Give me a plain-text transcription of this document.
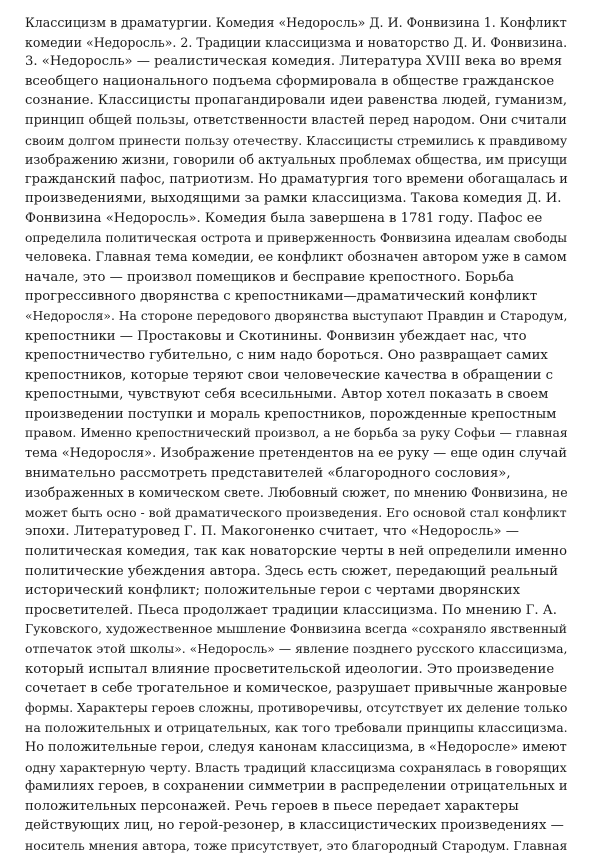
Классицизм в драматургии. Комедия «Недоросль» Д. И. Фонвизина 1. Конфликт
комедии «Недоросль». 2. Традиции классицизма и новаторство Д. И. Фонвизина.
3. «Недоросль» — реалистическая комедия. Литература XVIII века во время
всеобщего национального подъема сформировала в обществе гражданское
сознание. Классицисты пропагандировали идеи равенства людей, гуманизм,
принцип общей пользы, ответственности властей перед народом. Они считали
своим долгом принести пользу отечеству. Классицисты стремились к правдивому
изображению жизни, говорили об актуальных проблемах общества, им присущи
гражданский пафос, патриотизм. Но драматургия того времени обогащалась и
произведениями, выходящими за рамки классицизма. Такова комедия Д. И.
Фонвизина «Недоросль». Комедия была завершена в 1781 году. Пафос ее
определила политическая острота и приверженность Фонвизина идеалам свободы
человека. Главная тема комедии, ее конфликт обозначен автором уже в самом
начале, это — произвол помещиков и бесправие крепостного. Борьба
прогрессивного дворянства с крепостниками—драматический конфликт
«Недоросля». На стороне передового дворянства выступают Правдин и Стародум,
крепостники — Простаковы и Скотинины. Фонвизин убеждает нас, что
крепостничество губительно, с ним надо бороться. Оно развращает самих
крепостников, которые теряют свои человеческие качества в обращении с
крепостными, чувствуют себя всесильными. Автор хотел показать в своем
произведении поступки и мораль крепостников, порожденные крепостным
правом. Именно крепостнический произвол, а не борьба за руку Софьи — главная
тема «Недоросля». Изображение претендентов на ее руку — еще один случай
внимательно рассмотреть представителей «благородного сословия»,
изображенных в комическом свете. Любовный сюжет, по мнению Фонвизина, не
может быть осно - вой драматического произведения. Его основой стал конфликт
эпохи. Литературовед Г. П. Макогоненко считает, что «Недоросль» —
политическая комедия, так как новаторские черты в ней определили именно
политические убеждения автора. Здесь есть сюжет, передающий реальный
исторический конфликт; положительные герои с чертами дворянских
просветителей. Пьеса продолжает традиции классицизма. По мнению Г. А.
Гуковского, художественное мышление Фонвизина всегда «сохраняло явственный
отпечаток этой школы». «Недоросль» — явление позднего русского классицизма,
который испытал влияние просветительской идеологии. Это произведение
сочетает в себе трогательное и комическое, разрушает привычные жанровые
формы. Характеры героев сложны, противоречивы, отсутствует их деление только
на положительных и отрицательных, как того требовали принципы классицизма.
Но положительные герои, следуя канонам классицизма, в «Недоросле» имеют
одну характерную черту. Власть традиций классицизма сохранялась в говорящих
фамилиях героев, в сохранении симметрии в распределении отрицательных и
положительных персонажей. Речь героев в пьесе передает характеры
действующих лиц, но герой-резонер, в классицистических произведениях —
носитель мнения автора, тоже присутствует, это благородный Стародум. Главная
